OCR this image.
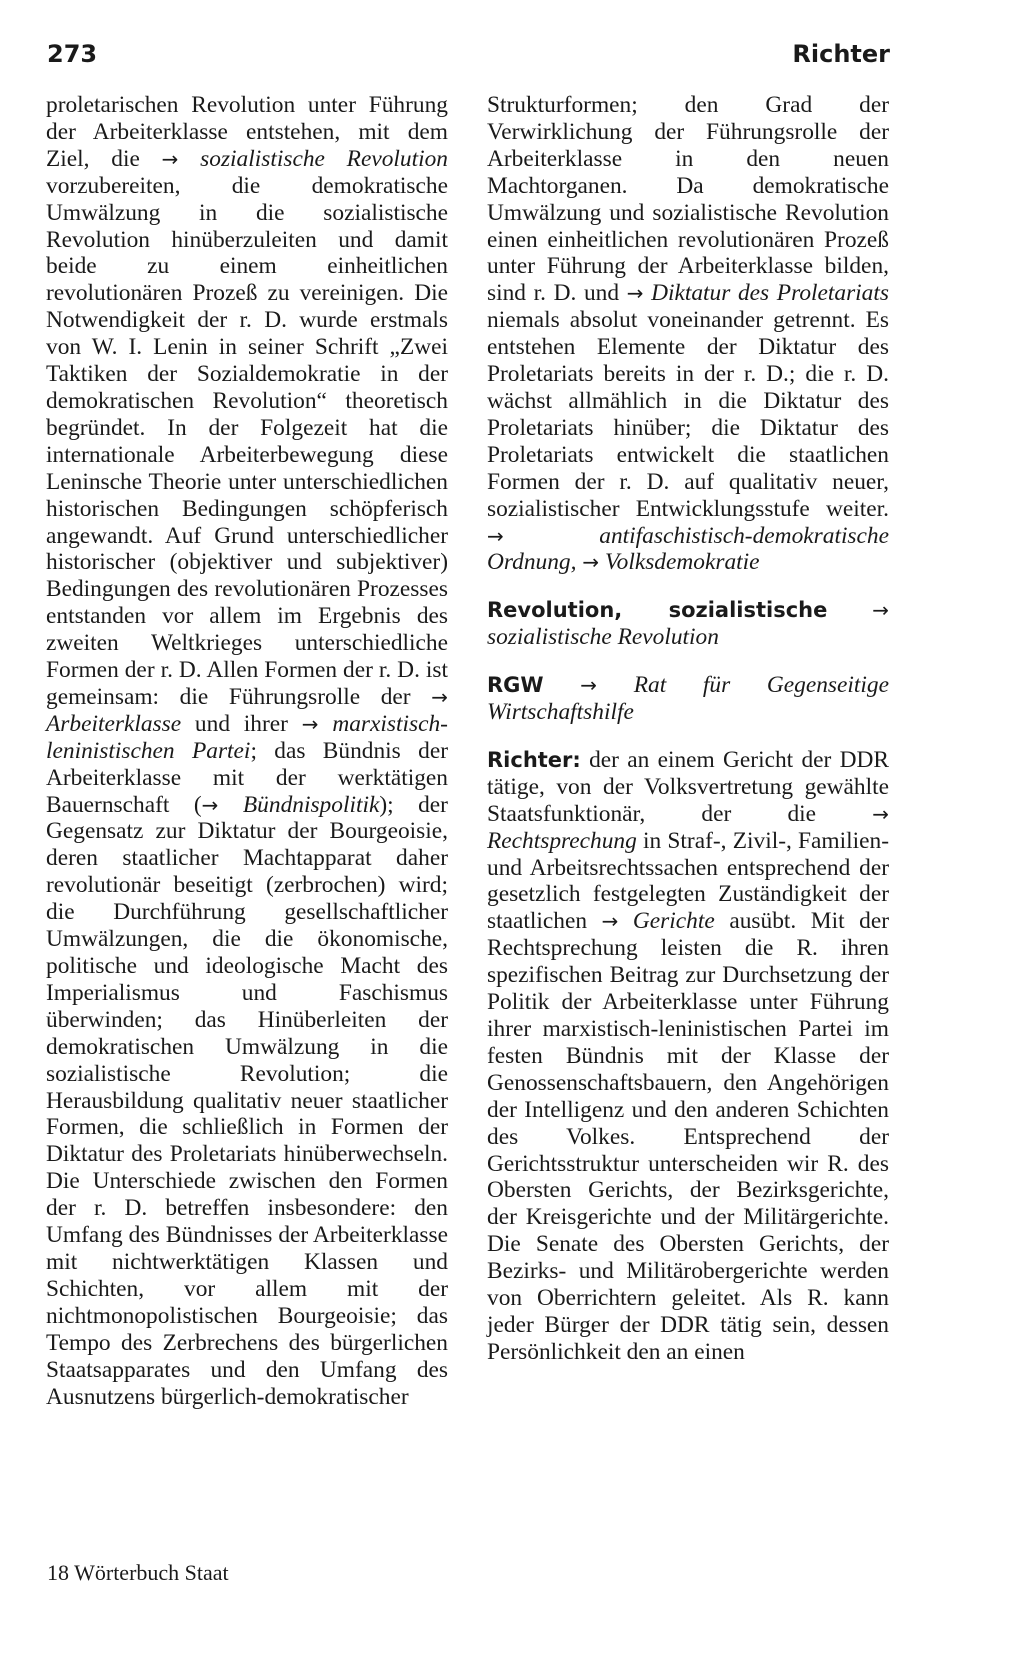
273	Richter

proletarischen Revolution unter Führung der Arbeiterklasse entstehen, mit dem Ziel, die → sozialistische Revolution vorzubereiten, die demokratische Umwälzung in die sozialistische Revolution hinüberzuleiten und damit beide zu einem einheitlichen revolutionären Prozeß zu vereinigen. Die Notwendigkeit der r. D. wurde erstmals von W. I. Lenin in seiner Schrift „Zwei Taktiken der Sozialdemokratie in der demokratischen Revolution“ theoretisch begründet. In der Folgezeit hat die internationale Arbeiterbewegung diese Leninsche Theorie unter unterschiedlichen historischen Bedingungen schöpferisch angewandt. Auf Grund unterschiedlicher historischer (objektiver und subjektiver) Bedingungen des revolutionären Prozesses entstanden vor allem im Ergebnis des zweiten Weltkrieges unterschiedliche Formen der r. D. Allen Formen der r. D. ist gemeinsam: die Führungsrolle der → Arbeiterklasse und ihrer → marxistisch-leninistischen Partei; das Bündnis der Arbeiterklasse mit der werktätigen Bauernschaft (→ Bündnispolitik); der Gegensatz zur Diktatur der Bourgeoisie, deren staatlicher Machtapparat daher revolutionär beseitigt (zerbrochen) wird; die Durchführung gesellschaftlicher Umwälzungen, die die ökonomische, politische und ideologische Macht des Imperialismus und Faschismus überwinden; das Hinüberleiten der demokratischen Umwälzung in die sozialistische Revolution; die Herausbildung qualitativ neuer staatlicher Formen, die schließlich in Formen der Diktatur des Proletariats hinüberwechseln. Die Unterschiede zwischen den Formen der r. D. betreffen insbesondere: den Umfang des Bündnisses der Arbeiterklasse mit nichtwerktätigen Klassen und Schichten, vor allem mit der nichtmonopolistischen Bourgeoisie; das Tempo des Zerbrechens des bürgerlichen Staatsapparates und den Umfang des Ausnutzens bürgerlich-demokratischer

Strukturformen; den Grad der Verwirklichung der Führungsrolle der Arbeiterklasse in den neuen Machtorganen. Da demokratische Umwälzung und sozialistische Revolution einen einheitlichen revolutionären Prozeß unter Führung der Arbeiterklasse bilden, sind r. D. und → Diktatur des Proletariats niemals absolut voneinander getrennt. Es entstehen Elemente der Diktatur des Proletariats bereits in der r. D.; die r. D. wächst allmählich in die Diktatur des Proletariats hinüber; die Diktatur des Proletariats entwickelt die staatlichen Formen der r. D. auf qualitativ neuer, sozialistischer Entwicklungsstufe weiter. →	antifaschistisch-demokratische Ordnung, → Volksdemokratie

Revolution, sozialistische → sozialistische Revolution

RGW → Rat für Gegenseitige Wirtschaftshilfe

Richter: der an einem Gericht der DDR tätige, von der Volksvertretung gewählte Staatsfunktionär, der die	→ Rechtsprechung in Straf-, Zivil-, Familien- und Arbeitsrechtssachen entsprechend der gesetzlich festgelegten Zuständigkeit der staatlichen → Gerichte ausübt. Mit der Rechtsprechung leisten die R. ihren spezifischen Beitrag zur Durchsetzung der Politik der Arbeiterklasse unter Führung ihrer marxistisch-leninistischen Partei im festen Bündnis mit der Klasse der Genossenschaftsbauern, den Angehörigen der Intelligenz und den anderen Schichten des Volkes. Entsprechend der Gerichtsstruktur unterscheiden wir R. des Obersten Gerichts, der Bezirksgerichte, der Kreisgerichte und der Militärgerichte. Die Senate des Obersten Gerichts, der Bezirks- und Militärobergerichte werden von Oberrichtern geleitet. Als R. kann jeder Bürger der DDR tätig sein, dessen Persönlichkeit den an einen

18 Wörterbuch Staat
